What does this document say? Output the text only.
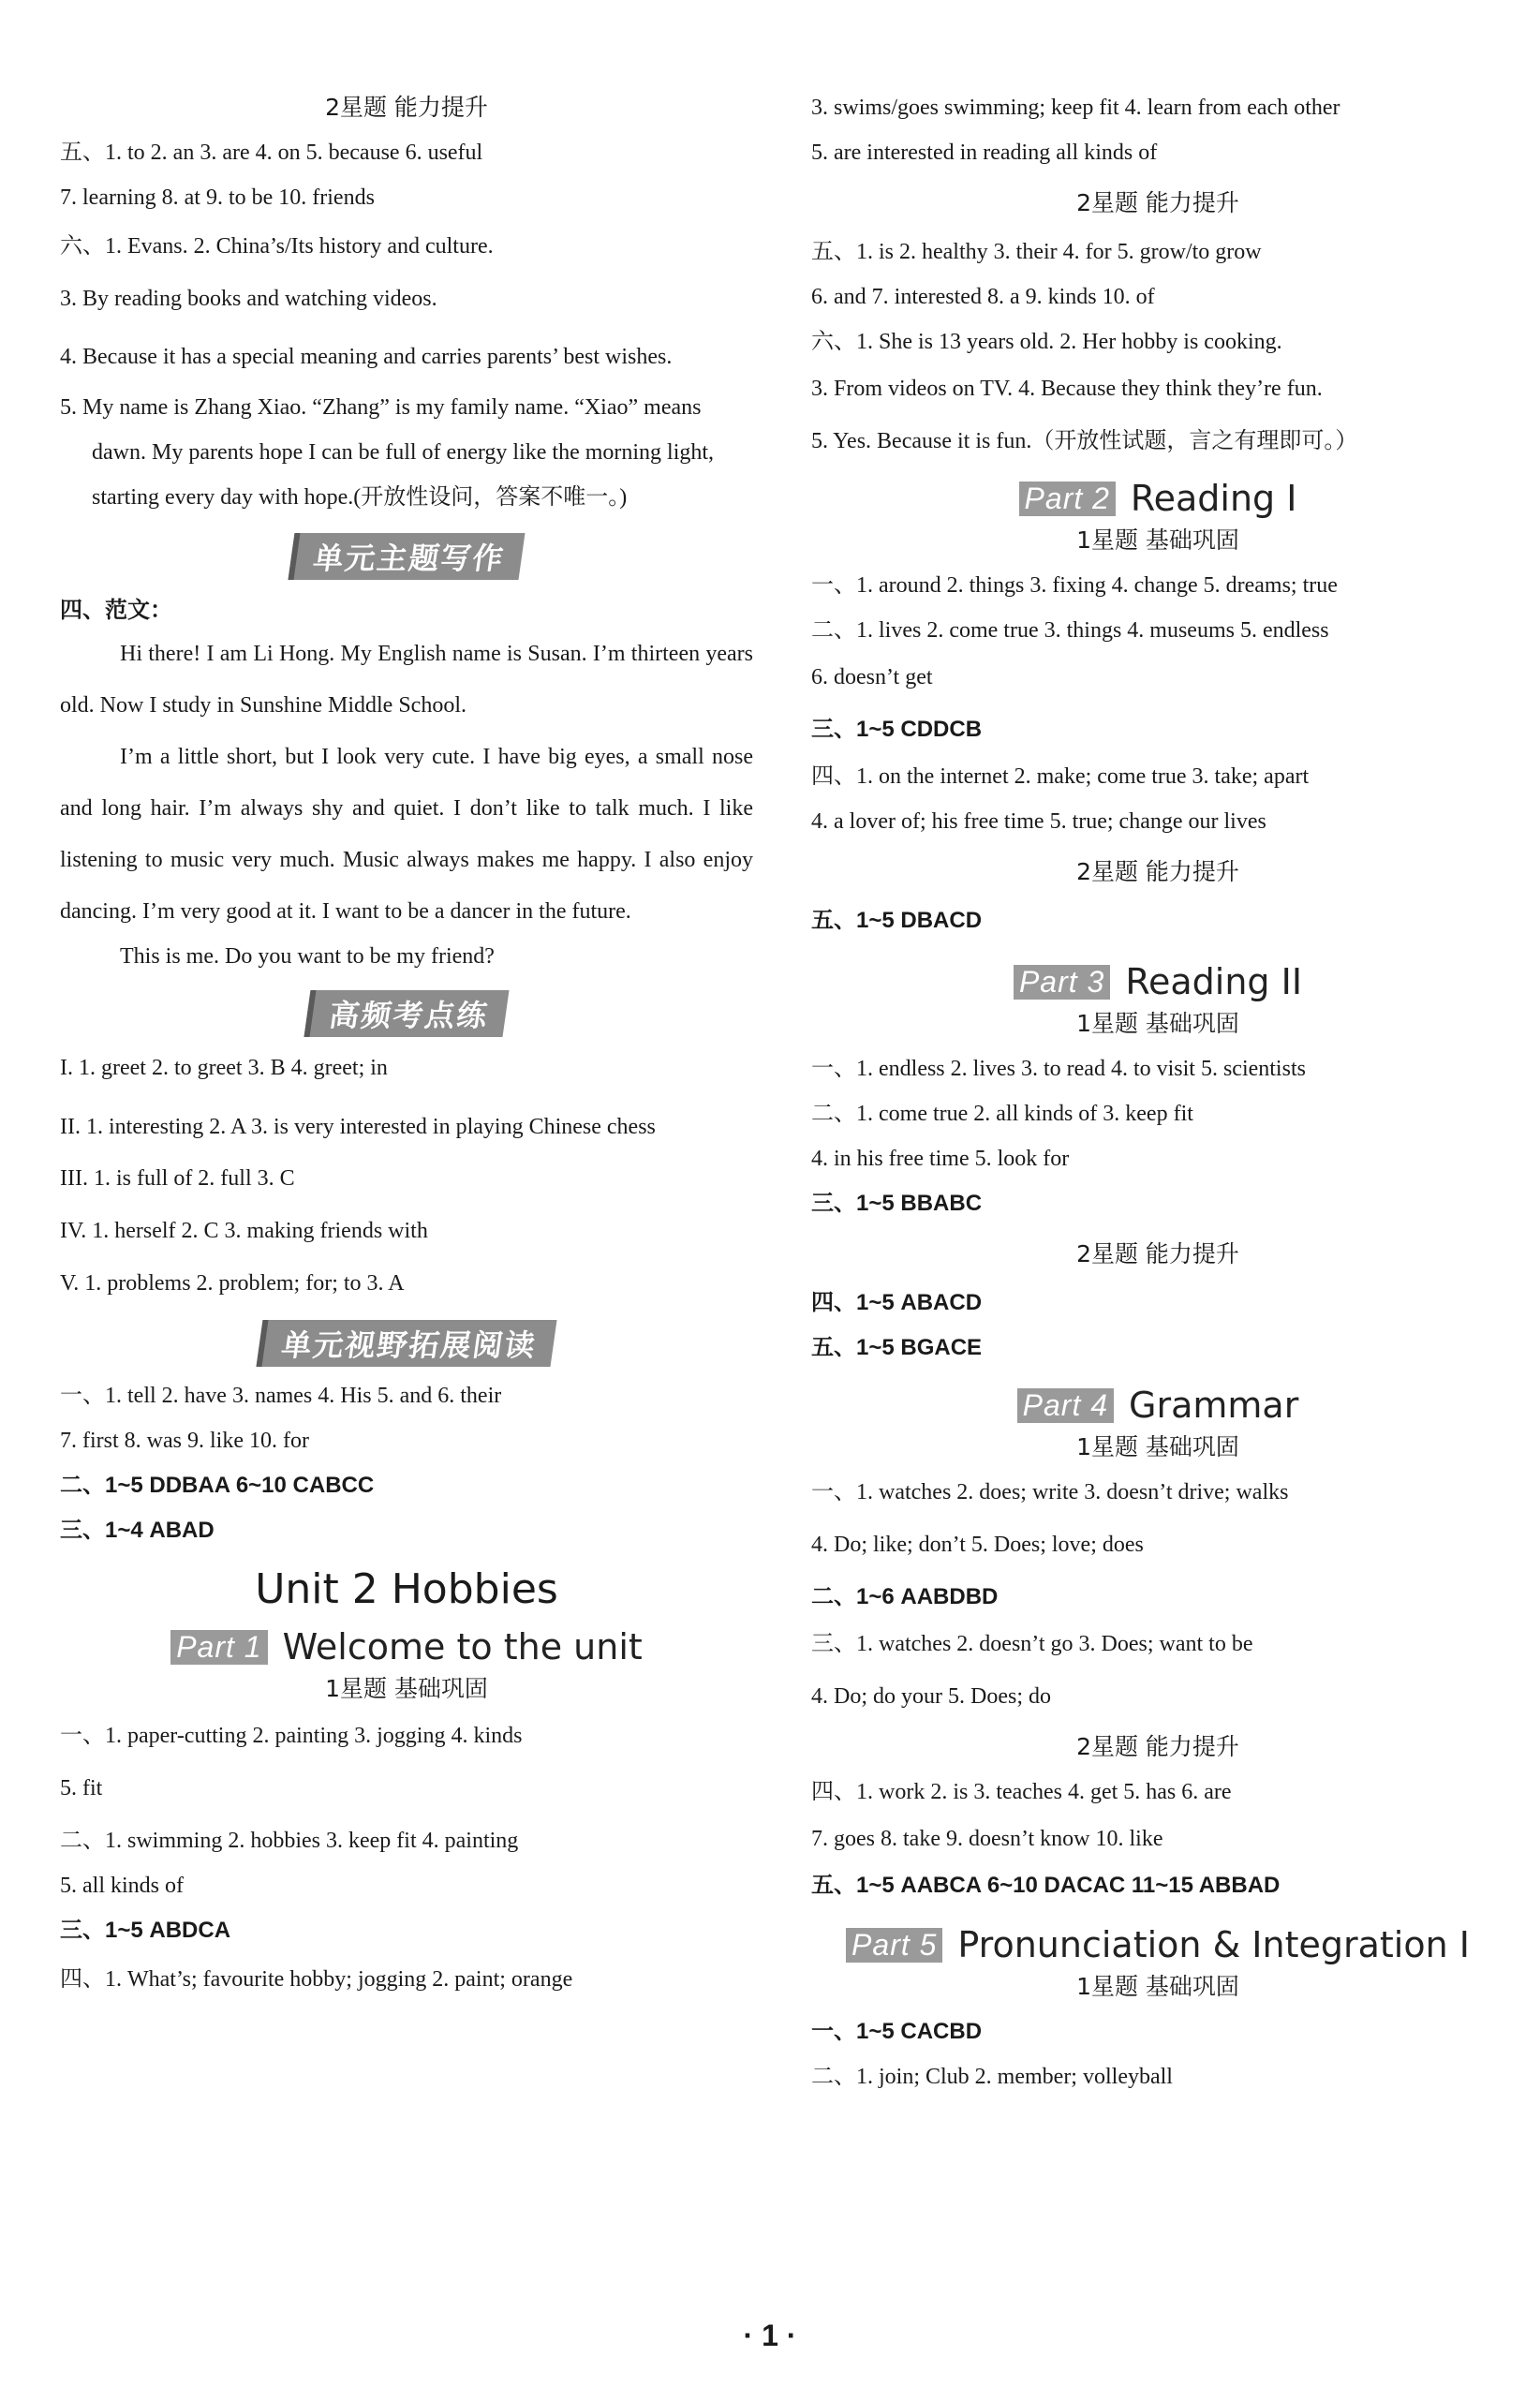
2星题 能力提升
五、1. to 2. an 3. are 4. on 5. because 6. useful
7. learning 8. at 9. to be 10. friends
六、1. Evans. 2. China’s/Its history and culture.
3. By reading books and watching videos.
4. Because it has a special meaning and carries parents’ best wishes.
5. My name is Zhang Xiao. “Zhang” is my family name. “Xiao” means dawn. My parents hope I can be full of energy like the morning light, starting every day with hope.(开放性设问，答案不唯一。)
单元主题写作
四、范文：
Hi there! I am Li Hong. My English name is Susan. I’m thirteen years old. Now I study in Sunshine Middle School.
I’m a little short, but I look very cute. I have big eyes, a small nose and long hair. I’m always shy and quiet. I don’t like to talk much. I like listening to music very much. Music always makes me happy. I also enjoy dancing. I’m very good at it. I want to be a dancer in the future.
This is me. Do you want to be my friend?
高频考点练
I. 1. greet 2. to greet 3. B 4. greet; in
II. 1. interesting 2. A 3. is very interested in playing Chinese chess
III. 1. is full of 2. full 3. C
IV. 1. herself 2. C 3. making friends with
V. 1. problems 2. problem; for; to 3. A
单元视野拓展阅读
一、1. tell 2. have 3. names 4. His 5. and 6. their
7. first 8. was 9. like 10. for
二、1~5 DDBAA 6~10 CABCC
三、1~4 ABAD
Unit 2 Hobbies
Part 1 Welcome to the unit
1星题 基础巩固
一、1. paper-cutting 2. painting 3. jogging 4. kinds
5. fit
二、1. swimming 2. hobbies 3. keep fit 4. painting
5. all kinds of
三、1~5 ABDCA
四、1. What’s; favourite hobby; jogging 2. paint; orange
3. swims/goes swimming; keep fit 4. learn from each other
5. are interested in reading all kinds of
2星题 能力提升
五、1. is 2. healthy 3. their 4. for 5. grow/to grow
6. and 7. interested 8. a 9. kinds 10. of
六、1. She is 13 years old. 2. Her hobby is cooking.
3. From videos on TV. 4. Because they think they’re fun.
5. Yes. Because it is fun.（开放性试题，言之有理即可。）
Part 2 Reading I
1星题 基础巩固
一、1. around 2. things 3. fixing 4. change 5. dreams; true
二、1. lives 2. come true 3. things 4. museums 5. endless
6. doesn’t get
三、1~5 CDDCB
四、1. on the internet 2. make; come true 3. take; apart
4. a lover of; his free time 5. true; change our lives
2星题 能力提升
五、1~5 DBACD
Part 3 Reading II
1星题 基础巩固
一、1. endless 2. lives 3. to read 4. to visit 5. scientists
二、1. come true 2. all kinds of 3. keep fit
4. in his free time 5. look for
三、1~5 BBABC
2星题 能力提升
四、1~5 ABACD
五、1~5 BGACE
Part 4 Grammar
1星题 基础巩固
一、1. watches 2. does; write 3. doesn’t drive; walks
4. Do; like; don’t 5. Does; love; does
二、1~6 AABDBD
三、1. watches 2. doesn’t go 3. Does; want to be
4. Do; do your 5. Does; do
2星题 能力提升
四、1. work 2. is 3. teaches 4. get 5. has 6. are
7. goes 8. take 9. doesn’t know 10. like
五、1~5 AABCA 6~10 DACAC 11~15 ABBAD
Part 5 Pronunciation & Integration I
1星题 基础巩固
一、1~5 CACBD
二、1. join; Club 2. member; volleyball
· 1 ·
